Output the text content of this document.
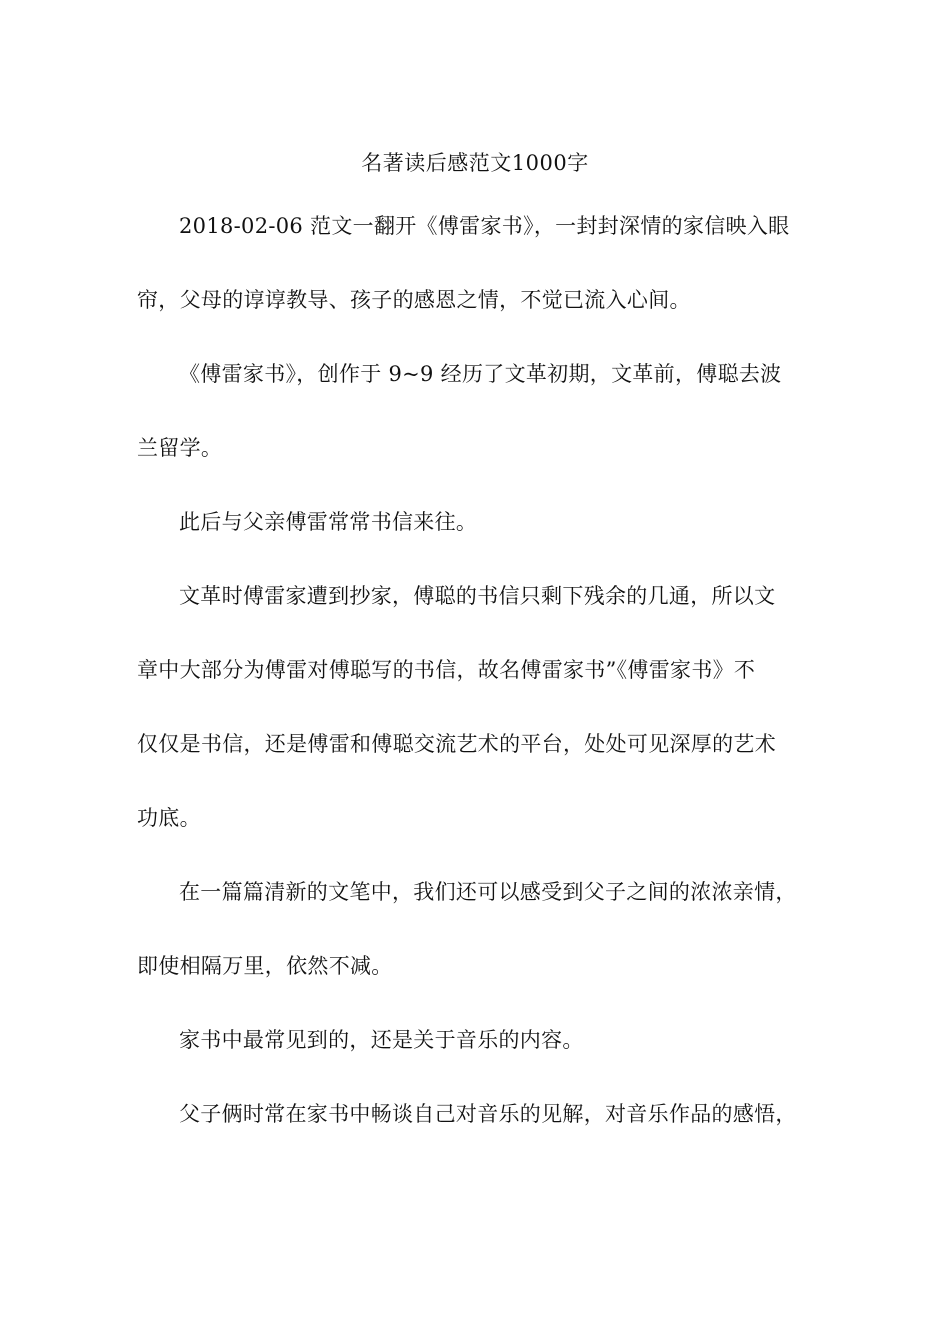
名著读后感范文1000字
2018-02-06 范文一翻开《傅雷家书》，一封封深情的家信映入眼
帘，父母的谆谆教导、孩子的感恩之情，不觉已流入心间。
《傅雷家书》，创作于 9~9 经历了文革初期，文革前，傅聪去波
兰留学。
此后与父亲傅雷常常书信来往。
文革时傅雷家遭到抄家，傅聪的书信只剩下残余的几通，所以文
章中大部分为傅雷对傅聪写的书信，故名傅雷家书”《傅雷家书》不
仅仅是书信，还是傅雷和傅聪交流艺术的平台，处处可见深厚的艺术
功底。
在一篇篇清新的文笔中，我们还可以感受到父子之间的浓浓亲情，
即使相隔万里，依然不减。
家书中最常见到的，还是关于音乐的内容。
父子俩时常在家书中畅谈自己对音乐的见解，对音乐作品的感悟，
